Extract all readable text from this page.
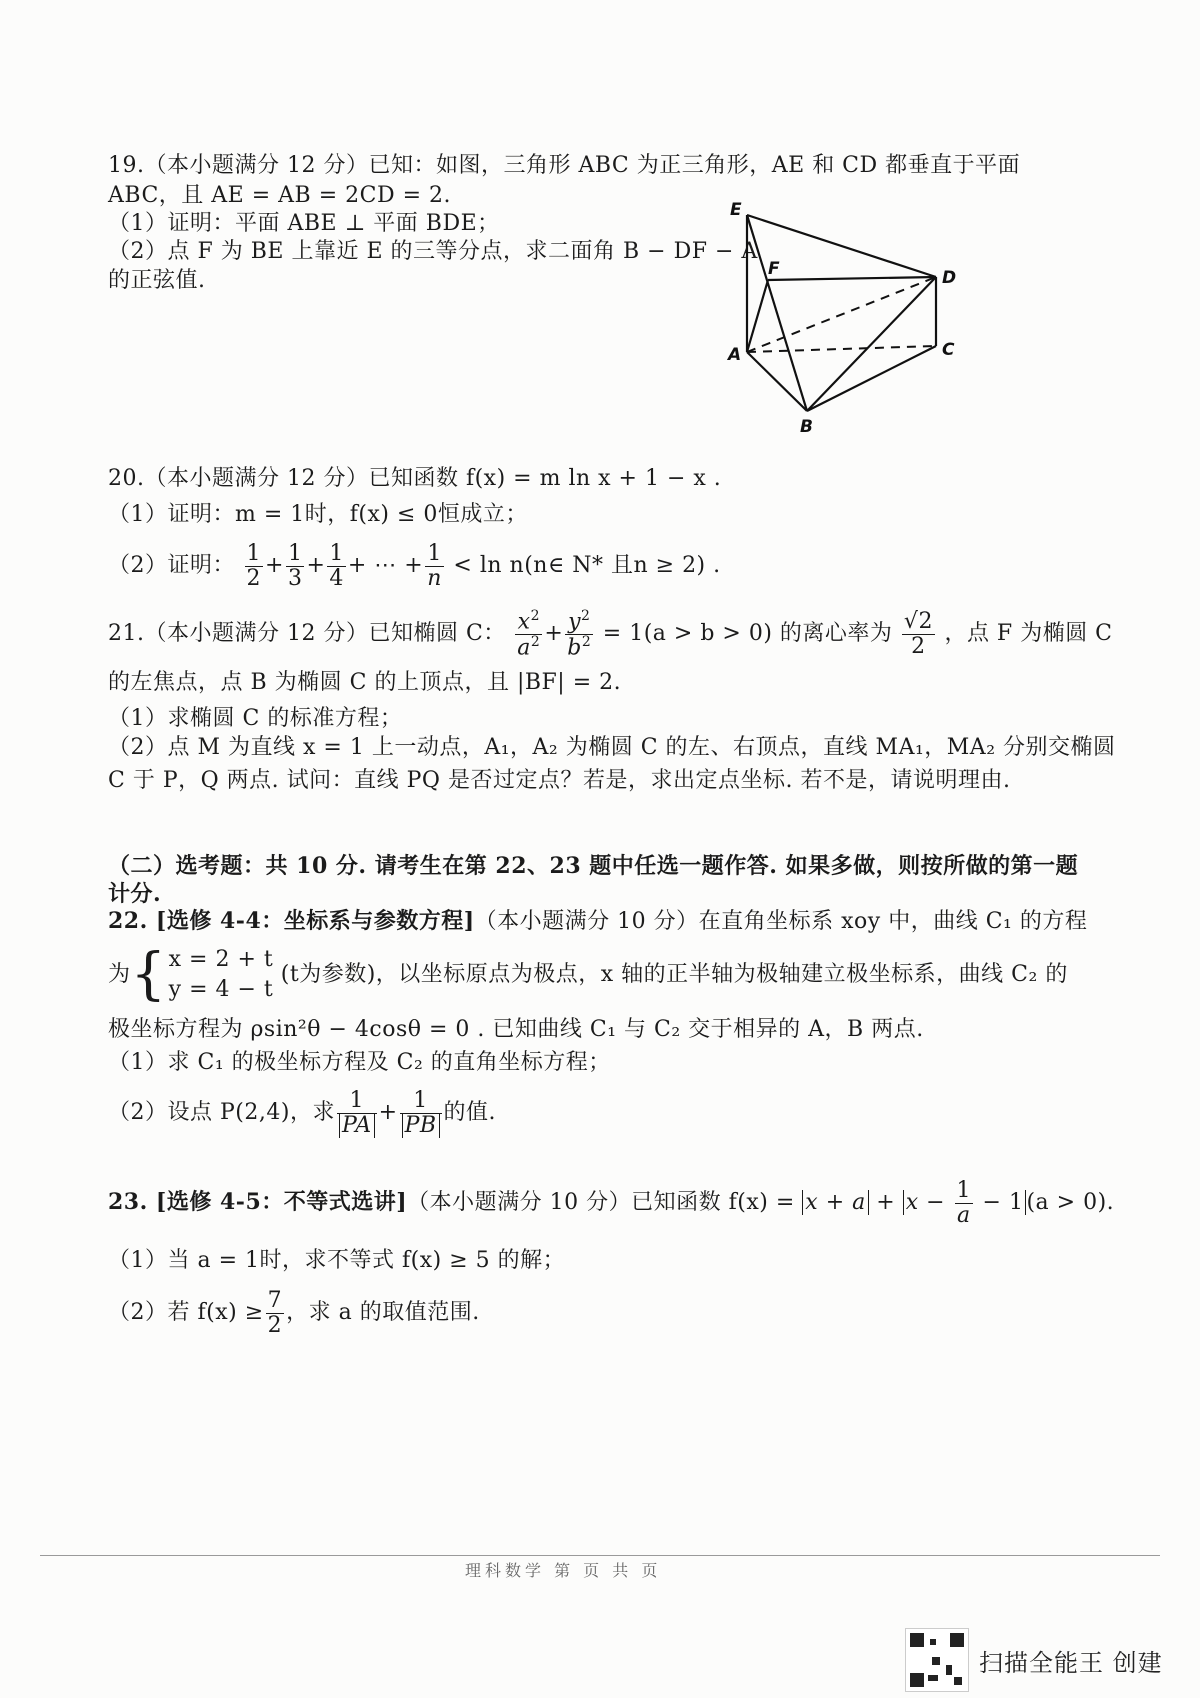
19.（本小题满分 12 分）已知：如图，三角形 ABC 为正三角形，AE 和 CD 都垂直于平面
ABC，且 AE = AB = 2CD = 2.
（1）证明：平面 ABE ⊥ 平面 BDE；
（2）点 F 为 BE 上靠近 E 的三等分点，求二面角 B − DF − A
的正弦值.
E
F	D
A	C
B
20.（本小题满分 12 分）已知函数 f(x) = m ln x + 1 − x .
（1）证明：m = 1时，f(x) ≤ 0恒成立；
（2）证明： $\frac{1}{2} + \frac{1}{3} + \frac{1}{4}$ + ⋯ + $\frac{1}{n} < \ln$ n(n∈ N* 且n ≥ 2) .
21.（本小题满分 12 分）已知椭圆 C： $\frac{x^2}{a^2} + \frac{y^2}{b^2} = 1(a > b > 0)$ 的离心率为 $\frac{√2}{2}$ ，点 F 为椭圆 C
的左焦点，点 B 为椭圆 C 的上顶点，且 |BF| = 2.
（1）求椭圆 C 的标准方程；
（2）点 M 为直线 x = 1 上一动点，A₁，A₂ 为椭圆 C 的左、右顶点，直线 MA₁，MA₂ 分别交椭圆
C 于 P，Q 两点. 试问：直线 PQ 是否过定点？若是，求出定点坐标. 若不是，请说明理由.
（二）选考题：共 10 分. 请考生在第 22、23 题中任选一题作答. 如果多做，则按所做的第一题
计分.
22. [选修 4-4：坐标系与参数方程]（本小题满分 10 分）在直角坐标系 xoy 中，曲线 C₁ 的方程
为 { x = 2 + t
y = 4 − t
(t为参数)，以坐标原点为极点，x 轴的正半轴为极轴建立极坐标系，曲线 C₂ 的
极坐标方程为 ρsin²θ − 4cosθ = 0 . 已知曲线 C₁ 与 C₂ 交于相异的 A，B 两点.
（1）求 C₁ 的极坐标方程及 C₂ 的直角坐标方程；
（2）设点 P(2,4)，求 $\frac{1}{PA} + \frac{1}{PB}$ 的值.
23. [选修 4-5：不等式选讲]（本小题满分 10 分）已知函数 $f(x) = x + a + x - \frac{1}{a} - 1$ (a > 0).
（1）当 a = 1时，求不等式 f(x) ≥ 5 的解；
（2）若 $f(x) \ge \frac{7}{2}$ ，求 a 的取值范围.
理科数学 第 页 共 页
扫描全能王 创建
